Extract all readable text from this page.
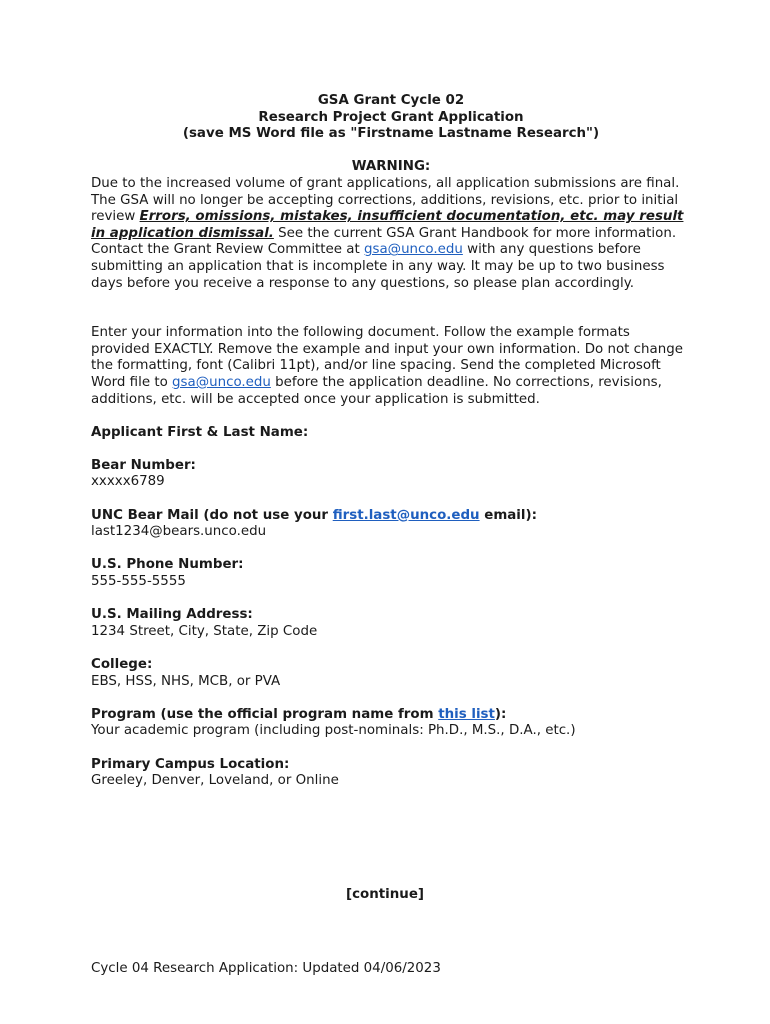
GSA Grant Cycle 02
Research Project Grant Application
(save MS Word file as "Firstname Lastname Research")
WARNING:

Due to the increased volume of grant applications, all application submissions are final. The GSA will no longer be accepting corrections, additions, revisions, etc. prior to initial review Errors, omissions, mistakes, insufficient documentation, etc. may result in application dismissal. See the current GSA Grant Handbook for more information. Contact the Grant Review Committee at gsa@unco.edu with any questions before submitting an application that is incomplete in any way. It may be up to two business days before you receive a response to any questions, so please plan accordingly.

Enter your information into the following document. Follow the example formats provided EXACTLY. Remove the example and input your own information. Do not change the formatting, font (Calibri 11pt), and/or line spacing. Send the completed Microsoft Word file to gsa@unco.edu before the application deadline. No corrections, revisions, additions, etc. will be accepted once your application is submitted.

Applicant First & Last Name:
Bear Number:
xxxxx6789
UNC Bear Mail (do not use your first.last@unco.edu email):
last1234@bears.unco.edu
U.S. Phone Number:
555-555-5555
U.S. Mailing Address:
1234 Street, City, State, Zip Code
College:
EBS, HSS, NHS, MCB, or PVA
Program (use the official program name from this list):
Your academic program (including post-nominals: Ph.D., M.S., D.A., etc.)
Primary Campus Location:
Greeley, Denver, Loveland, or Online
[continue]
Cycle 04 Research Application: Updated 04/06/2023
